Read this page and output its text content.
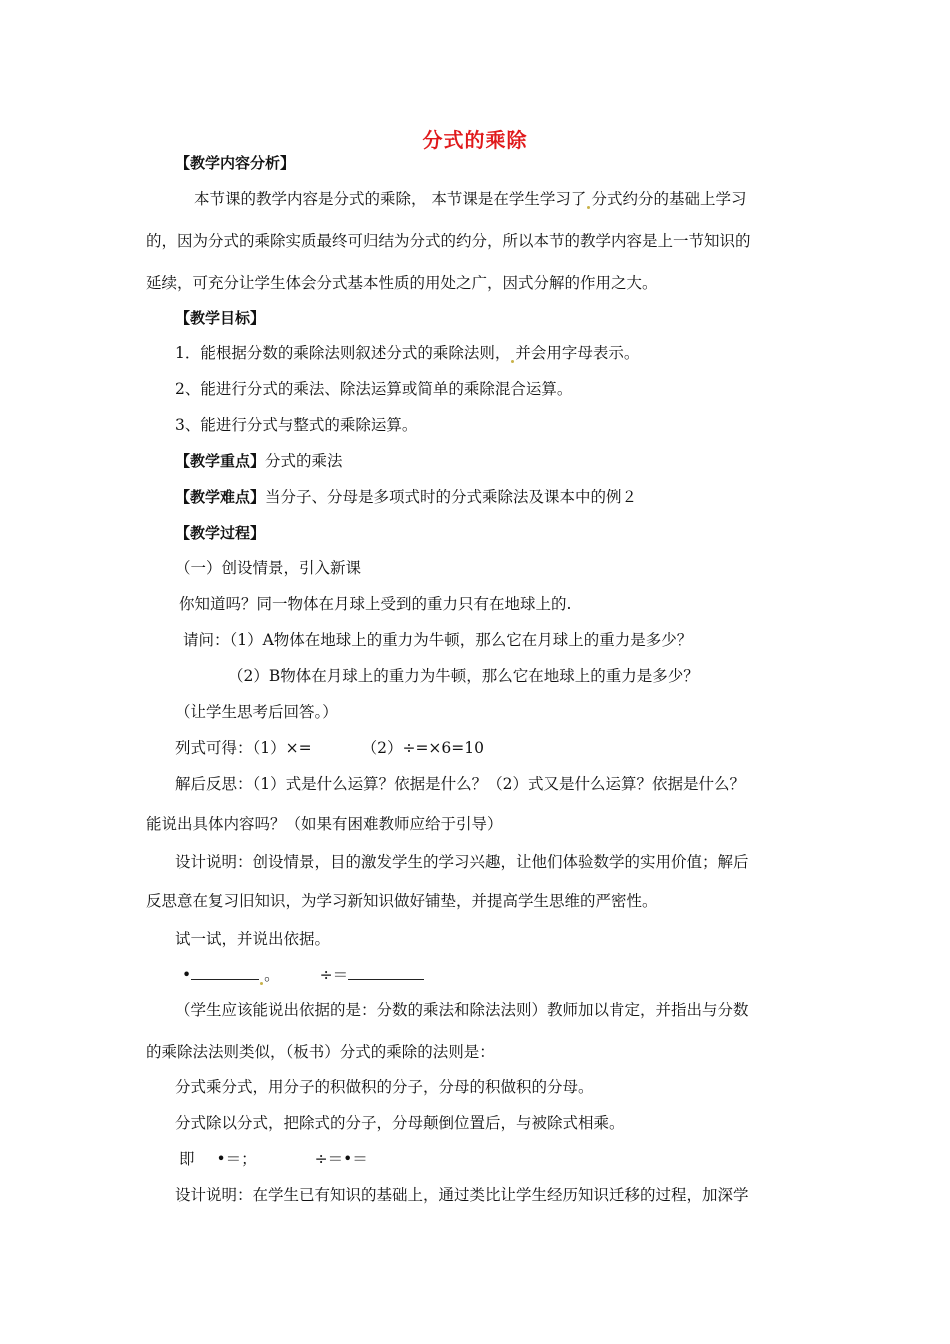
分式的乘除
【教学内容分析】
本节课的教学内容是分式的乘除， 本节课是在学生学习了 分式约分的基础上学习
的，因为分式的乘除实质最终可归结为分式的约分，所以本节的教学内容是上一节知识的
延续，可充分让学生体会分式基本性质的用处之广，因式分解的作用之大。
【教学目标】
1．能根据分数的乘除法则叙述分式的乘除法则， 并会用字母表示。
2、能进行分式的乘法、除法运算或简单的乘除混合运算。
3、能进行分式与整式的乘除运算。
【教学重点】分式的乘法
【教学难点】当分子、分母是多项式时的分式乘除法及课本中的例２
【教学过程】
（一）创设情景，引入新课
你知道吗？同一物体在月球上受到的重力只有在地球上的.
请问：（1）A物体在地球上的重力为牛顿，那么它在月球上的重力是多少？
（2）B物体在月球上的重力为牛顿，那么它在地球上的重力是多少？
（让学生思考后回答。）
列式可得：（1）×=	（2）÷=×6=10
解后反思：（1）式是什么运算？依据是什么？（2）式又是什么运算？依据是什么？
能说出具体内容吗？（如果有困难教师应给于引导）
设计说明：创设情景，目的激发学生的学习兴趣，让他们体验数学的实用价值；解后
反思意在复习旧知识，为学习新知识做好铺垫，并提高学生思维的严密性。
试一试，并说出依据。
•	。	÷＝
（学生应该能说出依据的是：分数的乘法和除法法则）教师加以肯定，并指出与分数
的乘除法法则类似，（板书）分式的乘除的法则是：
分式乘分式，用分子的积做积的分子，分母的积做积的分母。
分式除以分式，把除式的分子，分母颠倒位置后，与被除式相乘。
即 •＝；	÷＝•＝
设计说明：在学生已有知识的基础上，通过类比让学生经历知识迁移的过程，加深学
